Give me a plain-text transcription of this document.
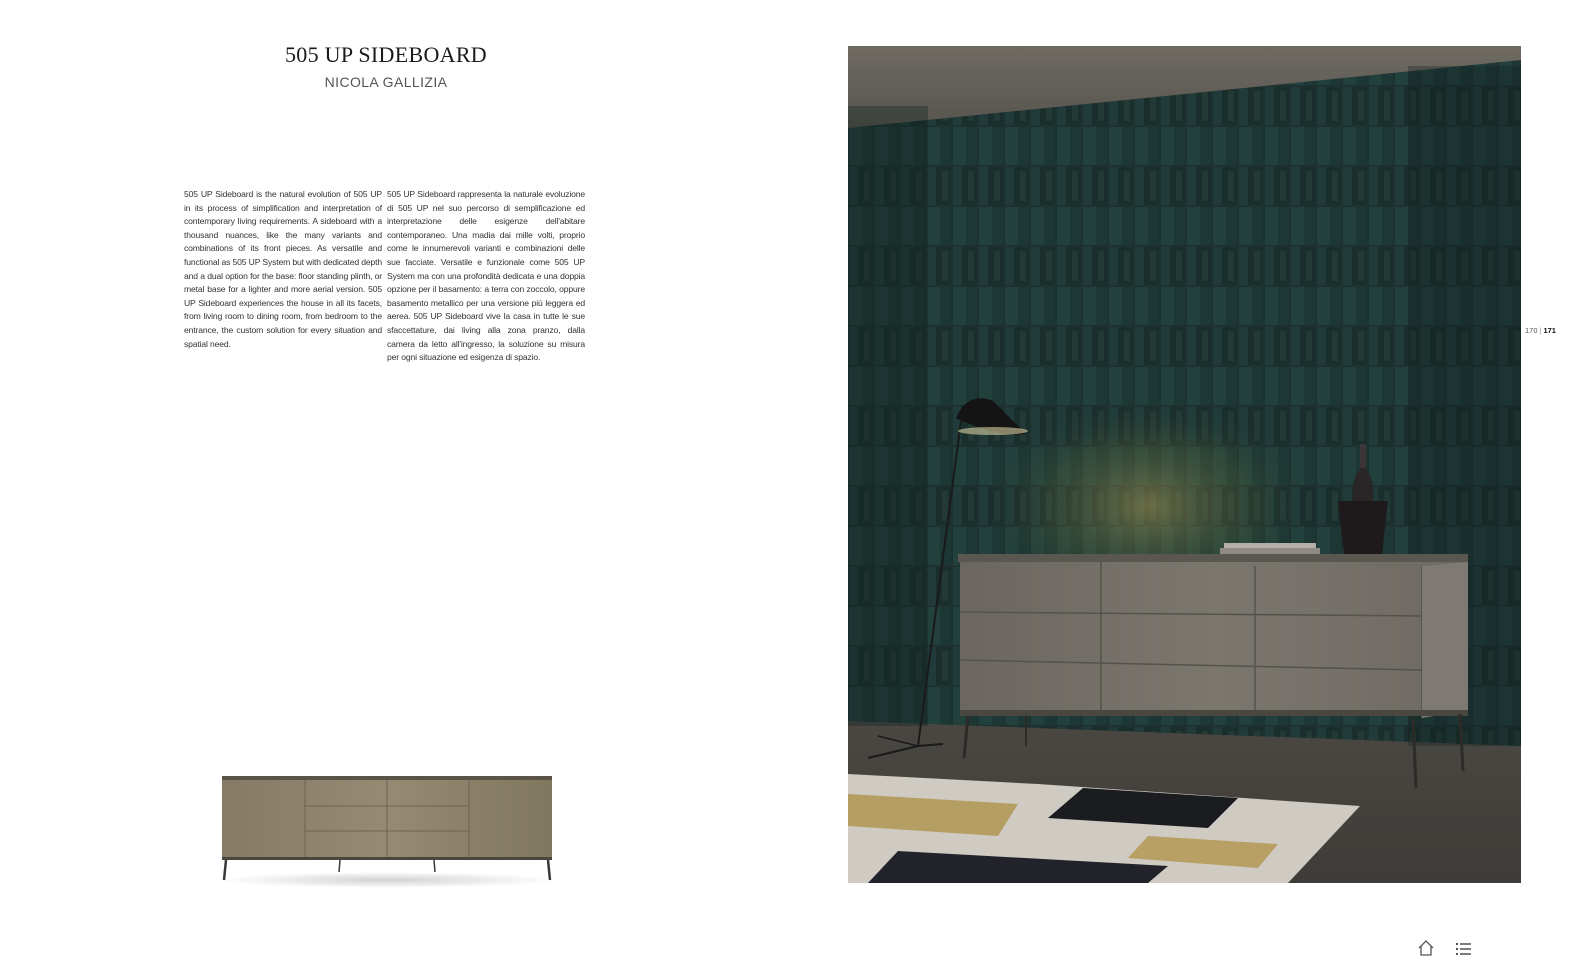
505 UP SIDEBOARD
NICOLA GALLIZIA
505 UP Sideboard is the natural evolution of 505 UP in its process of simplification and interpretation of contemporary living requirements. A sideboard with a thousand nuances, like the many variants and combinations of its front pieces. As versatile and functional as 505 UP System but with dedicated depth and a dual option for the base: floor standing plinth, or metal base for a lighter and more aerial version. 505 UP Sideboard experiences the house in all its facets, from living room to dining room, from bedroom to the entrance, the custom solution for every situation and spatial need.
505 UP Sideboard rappresenta la naturale evoluzione di 505 UP nel suo percorso di semplificazione ed interpretazione delle esigenze dell'abitare contemporaneo. Una madia dai mille volti, proprio come le innumerevoli varianti e combinazioni delle sue facciate. Versatile e funzionale come 505 UP System ma con una profondità dedicata e una doppia opzione per il basamento: a terra con zoccolo, oppure basamento metallico per una versione più leggera ed aerea. 505 UP Sideboard vive la casa in tutte le sue sfaccettature, dai living alla zona pranzo, dalla camera da letto all'ingresso, la soluzione su misura per ogni situazione ed esigenza di spazio.
170 | 171
